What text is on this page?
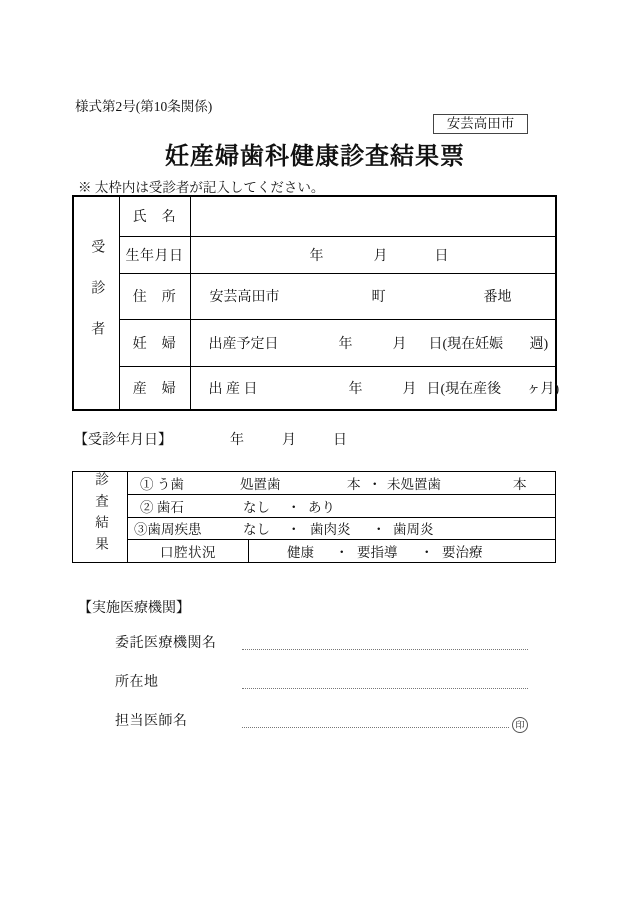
様式第2号(第10条関係)
安芸高田市
妊産婦歯科健康診査結果票
※ 太枠内は受診者が記入してください。
受診者	氏　名	
	生年月日	年 月 日

	住　所	安芸高田市 町 番地

	妊　婦	出産予定日 年 月 日(現在妊娠 週)

	産　婦	出 産 日 年 月 日(現在産後 ヶ月)
【受診年月日】	年	月	日
診査結果	① う歯	処置歯	本 ・ 未処置歯	本

	② 歯石 なし ・ あり	

③歯周疾患	なし ・ 歯肉炎 ・ 歯周炎

	口腔状況	健康 ・ 要指導 ・ 要治療
【実施医療機関】
委託医療機関名
所在地
担当医師名	印
